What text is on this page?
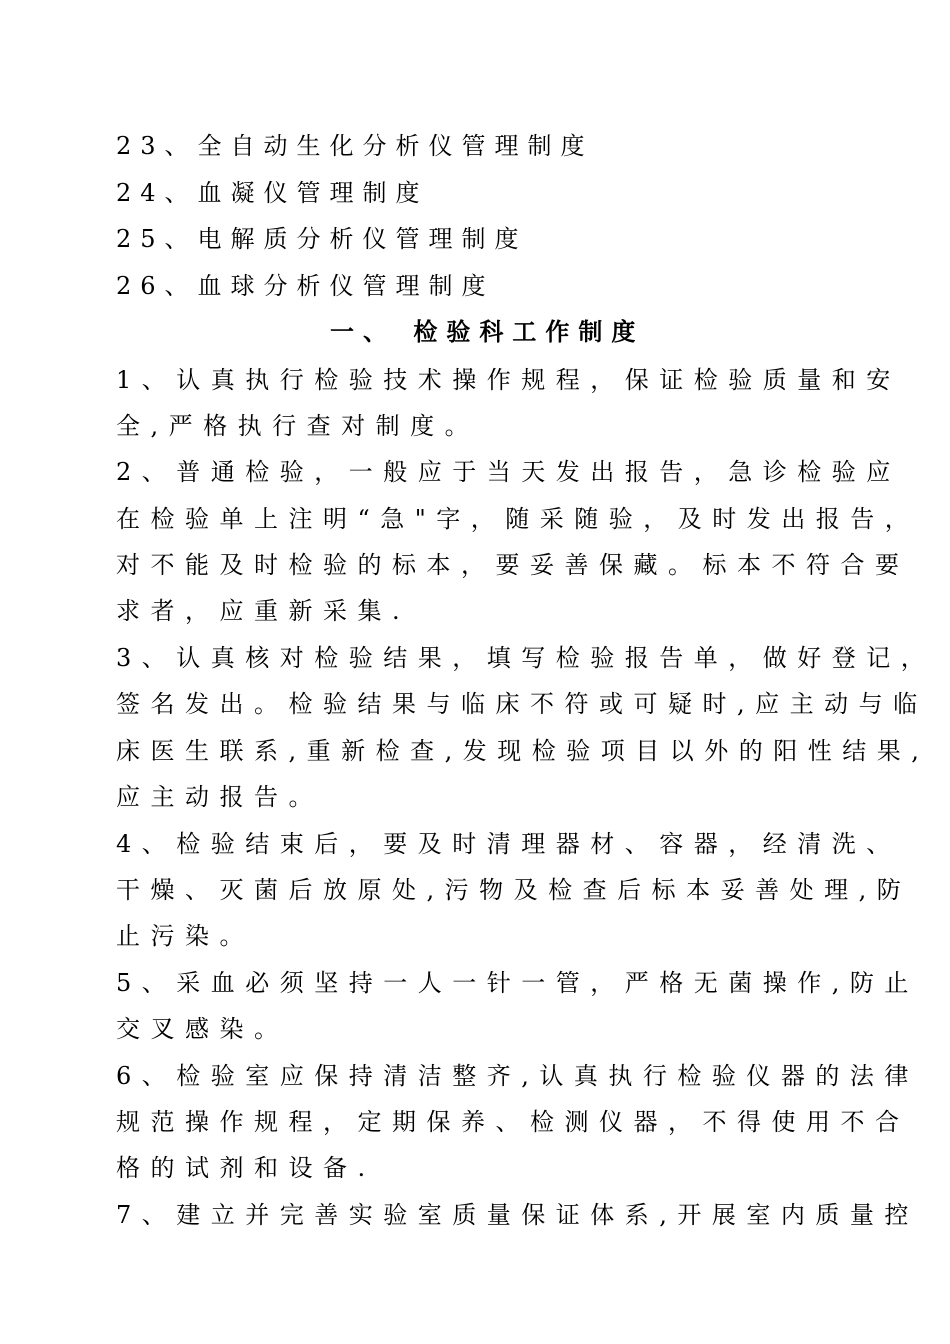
23、全自动生化分析仪管理制度
24、血凝仪管理制度
25、电解质分析仪管理制度
26、血球分析仪管理制度
一、 检验科工作制度
1、认真执行检验技术操作规程，保证检验质量和安
全,严格执行查对制度。
2、普通检验，一般应于当天发出报告，急诊检验应
在检验单上注明“急"字，随采随验，及时发出报告，
对不能及时检验的标本，要妥善保藏。标本不符合要
求者，应重新采集.
3、认真核对检验结果，填写检验报告单，做好登记，
签名发出。检验结果与临床不符或可疑时,应主动与临
床医生联系,重新检查,发现检验项目以外的阳性结果,
应主动报告。
4、检验结束后，要及时清理器材、容器，经清洗、
干燥、灭菌后放原处,污物及检查后标本妥善处理,防
止污染。
5、采血必须坚持一人一针一管，严格无菌操作,防止
交叉感染。
6、检验室应保持清洁整齐,认真执行检验仪器的法律
规范操作规程，定期保养、检测仪器，不得使用不合
格的试剂和设备.
7、建立并完善实验室质量保证体系,开展室内质量控
